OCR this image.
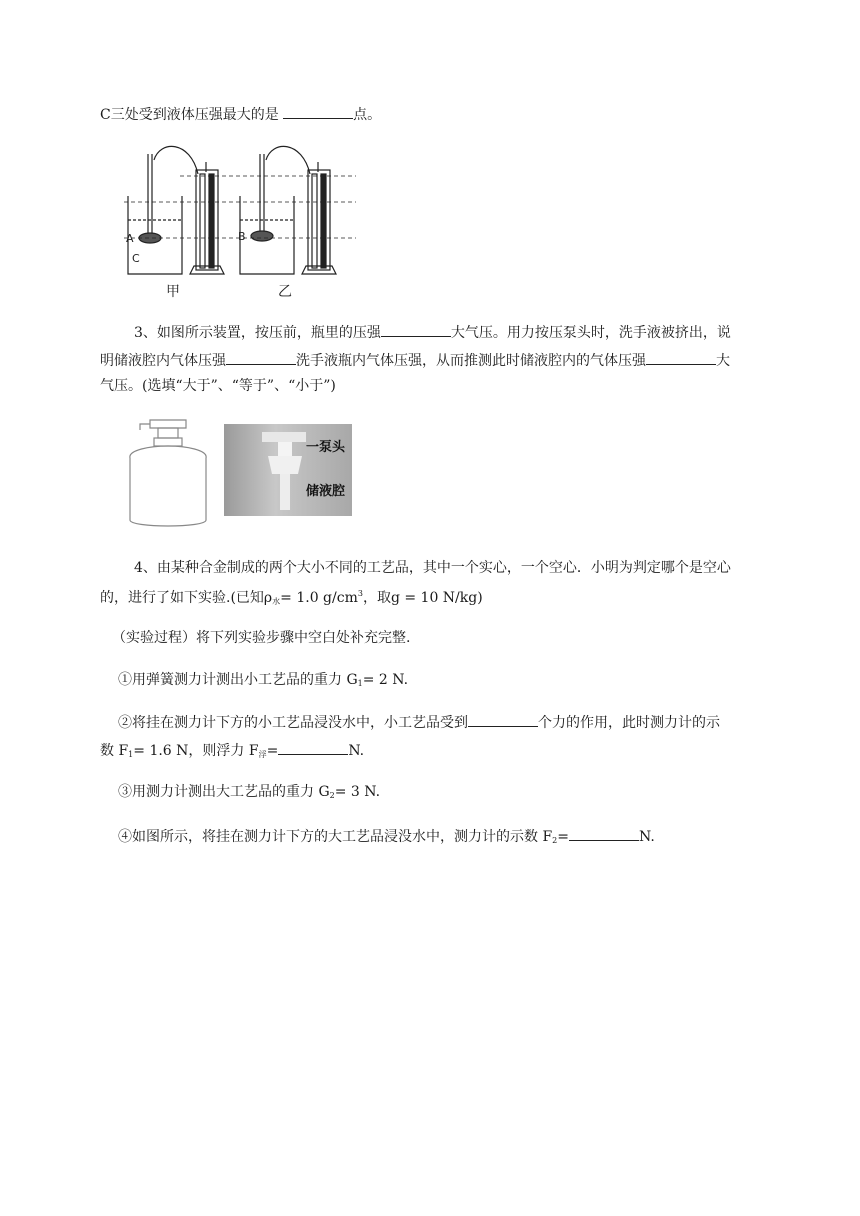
C三处受到液体压强最大的是	点。
A
C
B
甲	乙
3、如图所示装置，按压前，瓶里的压强	大气压。用力按压泵头时，洗手液被挤出，说
明储液腔内气体压强	洗手液瓶内气体压强，从而推测此时储液腔内的气体压强	大
气压。(选填“大于”、“等于”、“小于”)
一泵头
储液腔
4、由某种合金制成的两个大小不同的工艺品，其中一个实心，一个空心．小明为判定哪个是空心
的，进行了如下实验.(已知$\rho_水= 1.0$ $g/cm^3$，取g = 10 N/kg)
（实验过程）将下列实验步骤中空白处补充完整.
①用弹簧测力计测出小工艺品的重力 $G_1= 2$ N.
②将挂在测力计下方的小工艺品浸没水中，小工艺品受到	个力的作用，此时测力计的示
数 $F_1= 1.6$ N，则浮力 $F_浮=$	N.
③用测力计测出大工艺品的重力 $G_2= 3$ N.
④如图所示，将挂在测力计下方的大工艺品浸没水中，测力计的示数 $F_2=$	N.
